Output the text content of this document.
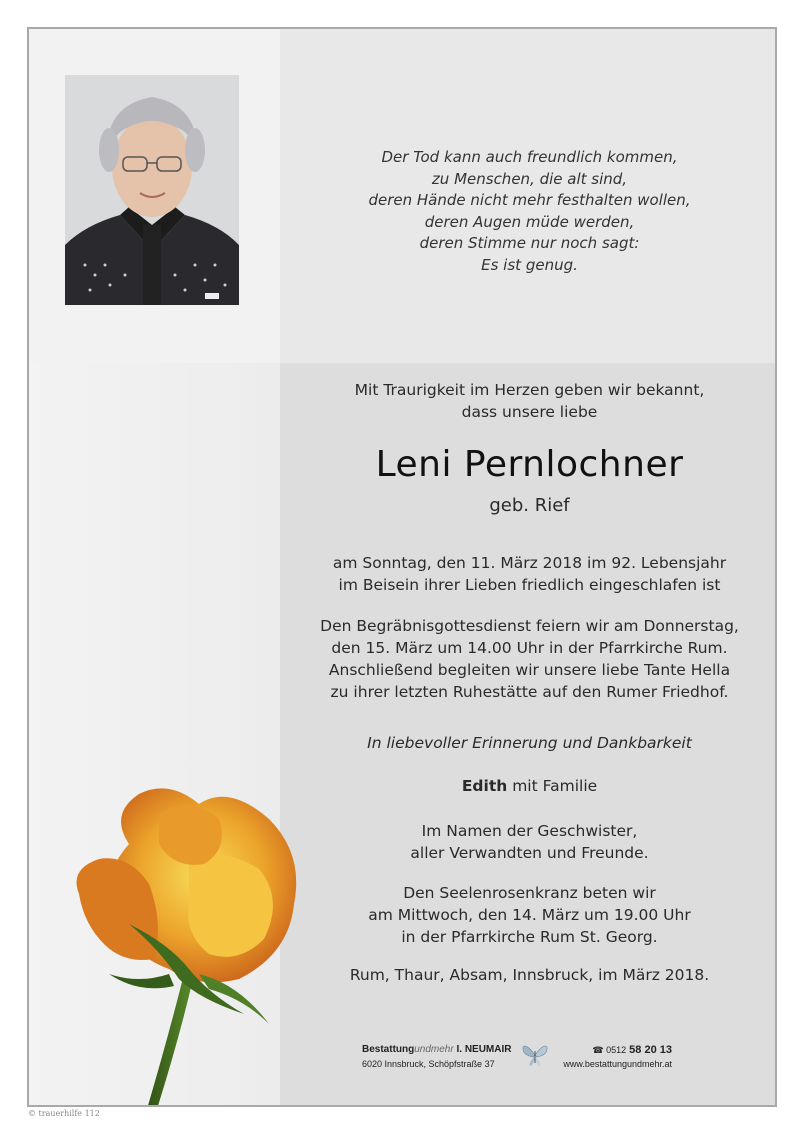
Der Tod kann auch freundlich kommen,
zu Menschen, die alt sind,
deren Hände nicht mehr festhalten wollen,
deren Augen müde werden,
deren Stimme nur noch sagt:
Es ist genug.
Mit Traurigkeit im Herzen geben wir bekannt,
dass unsere liebe
Leni Pernlochner
geb. Rief
am Sonntag, den 11. März 2018 im 92. Lebensjahr
im Beisein ihrer Lieben friedlich eingeschlafen ist
Den Begräbnisgottesdienst feiern wir am Donnerstag,
den 15. März um 14.00 Uhr in der Pfarrkirche Rum.
Anschließend begleiten wir unsere liebe Tante Hella
zu ihrer letzten Ruhestätte auf den Rumer Friedhof.
In liebevoller Erinnerung und Dankbarkeit
Edith mit Familie
Im Namen der Geschwister,
aller Verwandten und Freunde.
Den Seelenrosenkranz beten wir
am Mittwoch, den 14. März um 19.00 Uhr
in der Pfarrkirche Rum St. Georg.
Rum, Thaur, Absam, Innsbruck, im März 2018.
Bestattungundmehr I. NEUMAIR
6020 Innsbruck, Schöpfstraße 37
☎ 0512 58 20 13
www.bestattungundmehr.at
© trauerhilfe 112
